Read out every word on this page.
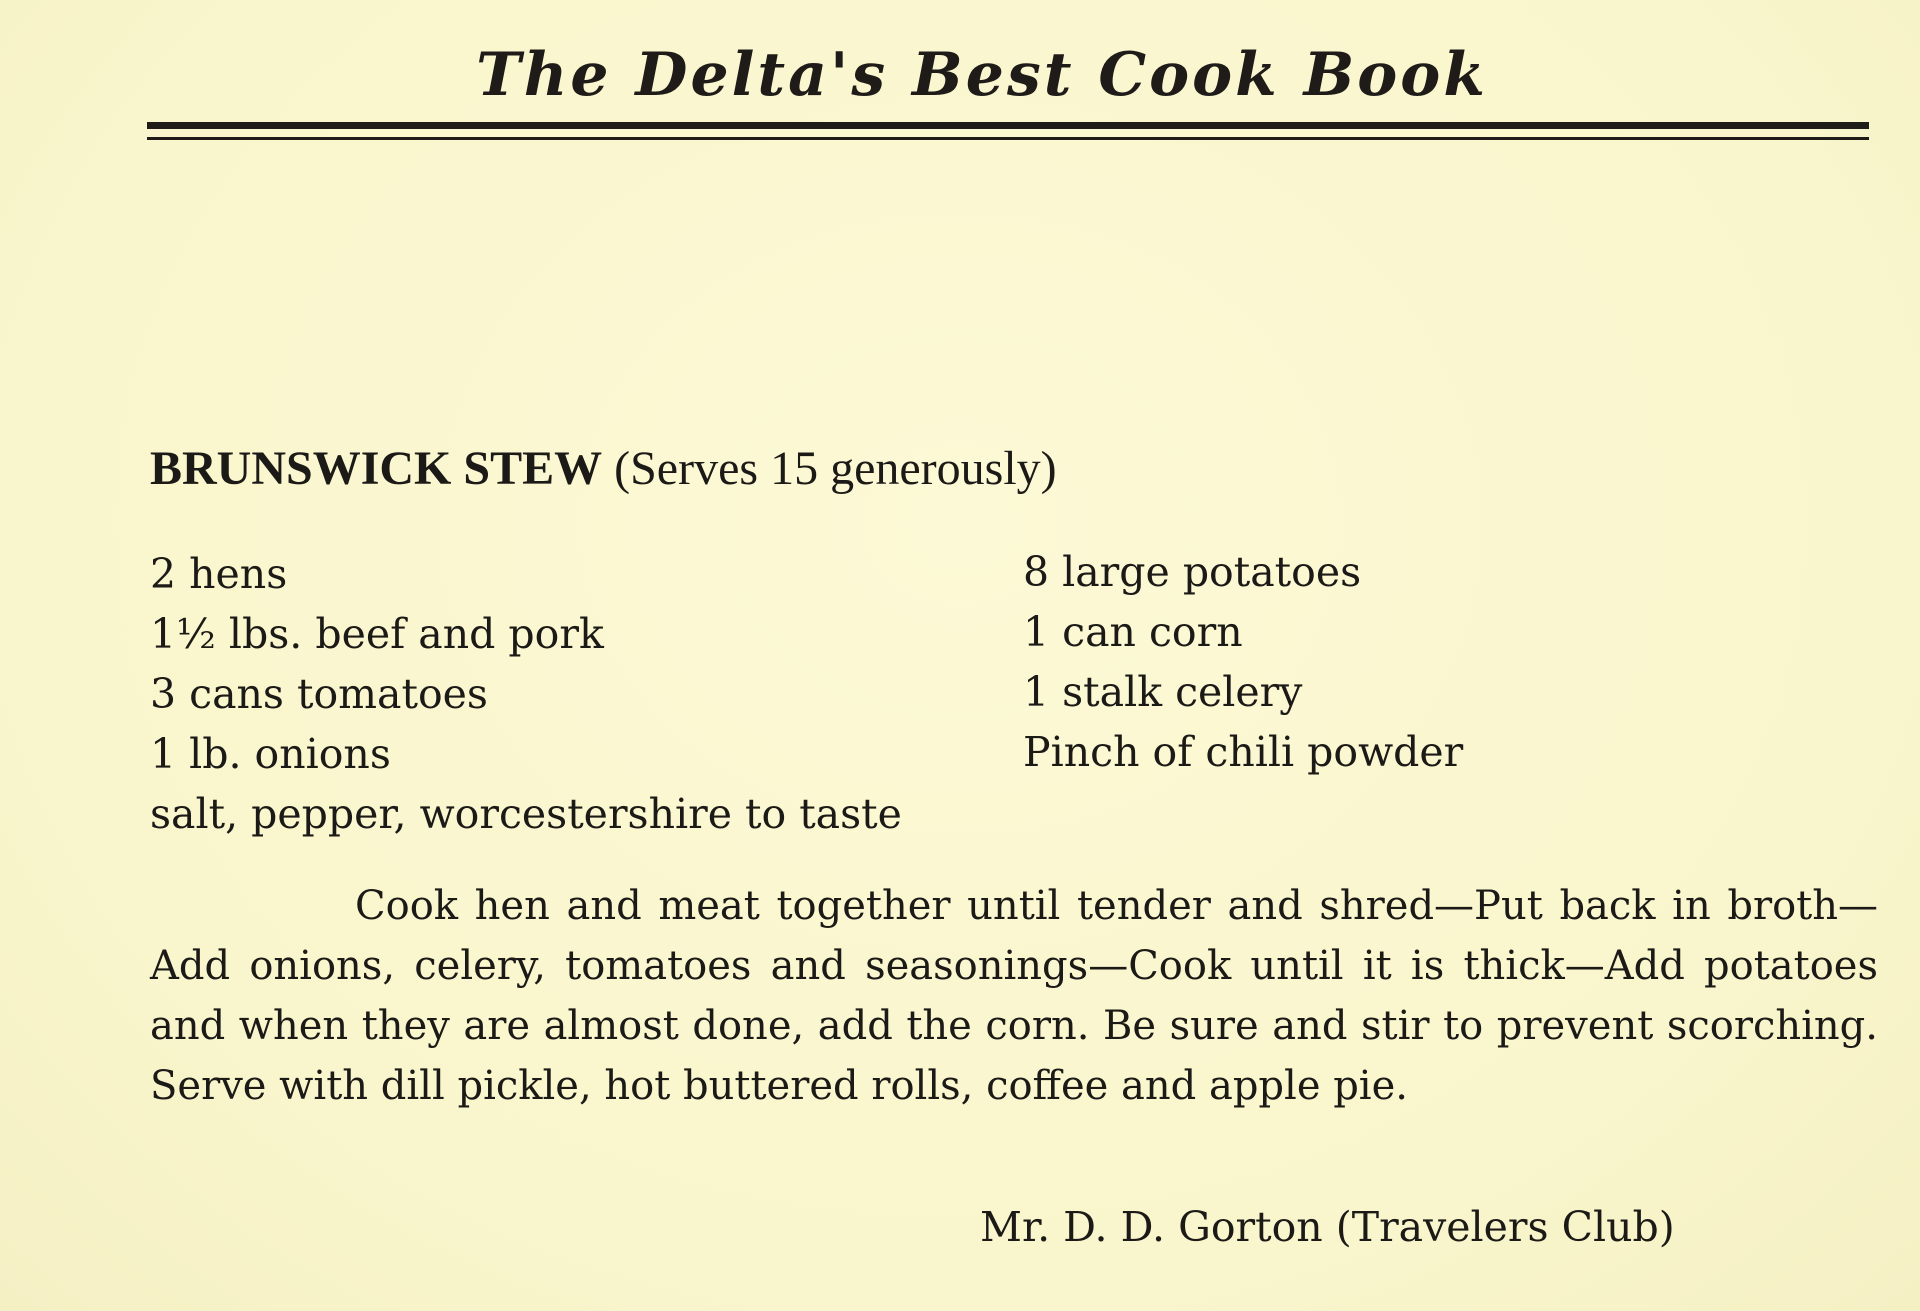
The Delta's Best Cook Book
BRUNSWICK STEW (Serves 15 generously)
2 hens
1½ lbs. beef and pork
3 cans tomatoes
1 lb. onions
8 large potatoes
1 can corn
1 stalk celery
Pinch of chili powder
salt, pepper, worcestershire to taste

Cook hen and meat together until tender and shred—Put back in broth—Add onions, celery, tomatoes and seasonings—Cook until it is thick—Add potatoes and when they are almost done, add the corn. Be sure and stir to prevent scorching. Serve with dill pickle, hot buttered rolls, coffee and apple pie.

Mr. D. D. Gorton (Travelers Club)
